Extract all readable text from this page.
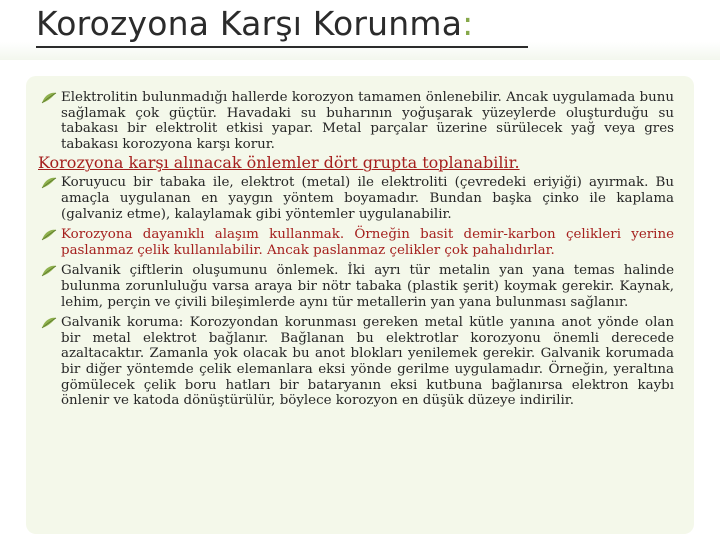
Korozyona Karşı Korunma:

Elektrolitin bulunmadığı hallerde korozyon tamamen önlenebilir. Ancak uygulamada bunu sağlamak çok güçtür. Havadaki su buharının yoğuşarak yüzeylerde oluşturduğu su tabakası bir elektrolit etkisi yapar. Metal parçalar üzerine sürülecek yağ veya gres tabakası korozyona karşı korur.

Korozyona karşı alınacak önlemler dört grupta toplanabilir.

Koruyucu bir tabaka ile, elektrot (metal) ile elektroliti (çevredeki eriyiği) ayırmak. Bu amaçla uygulanan en yaygın yöntem boyamadır. Bundan başka çinko ile kaplama (galvaniz etme), kalaylamak gibi yöntemler uygulanabilir.

Korozyona dayanıklı alaşım kullanmak. Örneğin basit demir-karbon çelikleri yerine paslanmaz çelik kullanılabilir. Ancak paslanmaz çelikler çok pahalıdırlar.

Galvanik çiftlerin oluşumunu önlemek. İki ayrı tür metalin yan yana temas halinde bulunma zorunluluğu varsa araya bir nötr tabaka (plastik şerit) koymak gerekir. Kaynak, lehim, perçin ve çivili bileşimlerde aynı tür metallerin yan yana bulunması sağlanır.

Galvanik koruma: Korozyondan korunması gereken metal kütle yanına anot yönde olan bir metal elektrot bağlanır. Bağlanan bu elektrotlar korozyonu önemli derecede azaltacaktır. Zamanla yok olacak bu anot blokları yenilemek gerekir. Galvanik korumada bir diğer yöntemde çelik elemanlara eksi yönde gerilme uygulamadır. Örneğin, yeraltına gömülecek çelik boru hatları bir bataryanın eksi kutbuna bağlanırsa elektron kaybı önlenir ve katoda dönüştürülür, böylece korozyon en düşük düzeye indirilir.
